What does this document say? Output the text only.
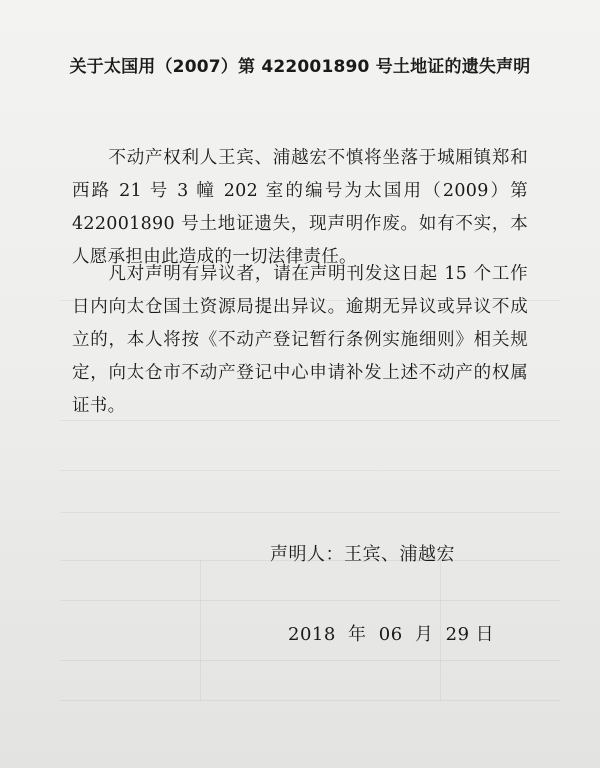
关于太国用（2007）第 422001890 号土地证的遗失声明
不动产权利人王宾、浦越宏不慎将坐落于城厢镇郑和西路 21 号 3 幢 202 室的编号为太国用（2009）第 422001890 号土地证遗失，现声明作废。如有不实，本人愿承担由此造成的一切法律责任。
凡对声明有异议者，请在声明刊发这日起 15 个工作日内向太仓国土资源局提出异议。逾期无异议或异议不成立的，本人将按《不动产登记暂行条例实施细则》相关规定，向太仓市不动产登记中心申请补发上述不动产的权属证书。
声明人：王宾、浦越宏
2018 年 06 月 29 日
